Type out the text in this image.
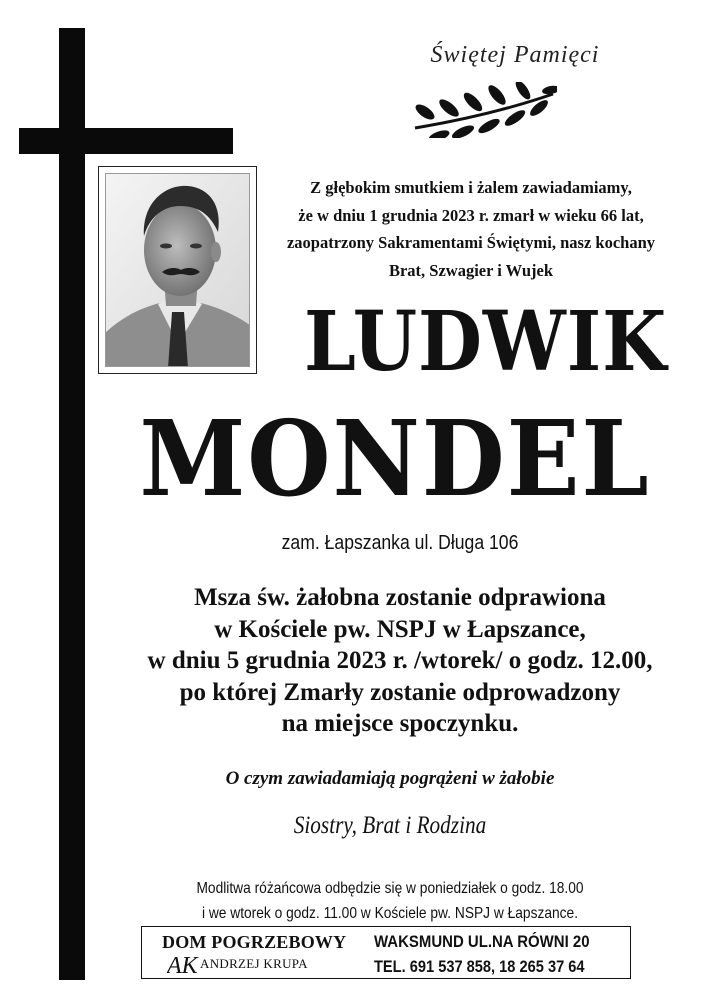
Świętej Pamięci
Z głębokim smutkiem i żalem zawiadamiamy,
że w dniu 1 grudnia 2023 r. zmarł w wieku 66 lat,
zaopatrzony Sakramentami Świętymi, nasz kochany
Brat, Szwagier i Wujek
LUDWIK
MONDEL
zam. Łapszanka ul. Długa 106
Msza św. żałobna zostanie odprawiona
w Kościele pw. NSPJ w Łapszance,
w dniu 5 grudnia 2023 r. /wtorek/ o godz. 12.00,
po której Zmarły zostanie odprowadzony
na miejsce spoczynku.
O czym zawiadamiają pogrążeni w żałobie
Siostry, Brat i Rodzina
Modlitwa różańcowa odbędzie się w poniedziałek o godz. 18.00
i we wtorek o godz. 11.00 w Kościele pw. NSPJ w Łapszance.
DOM POGRZEBOWY
AK ANDRZEJ KRUPA
WAKSMUND UL.NA RÓWNI 20
TEL. 691 537 858, 18 265 37 64
